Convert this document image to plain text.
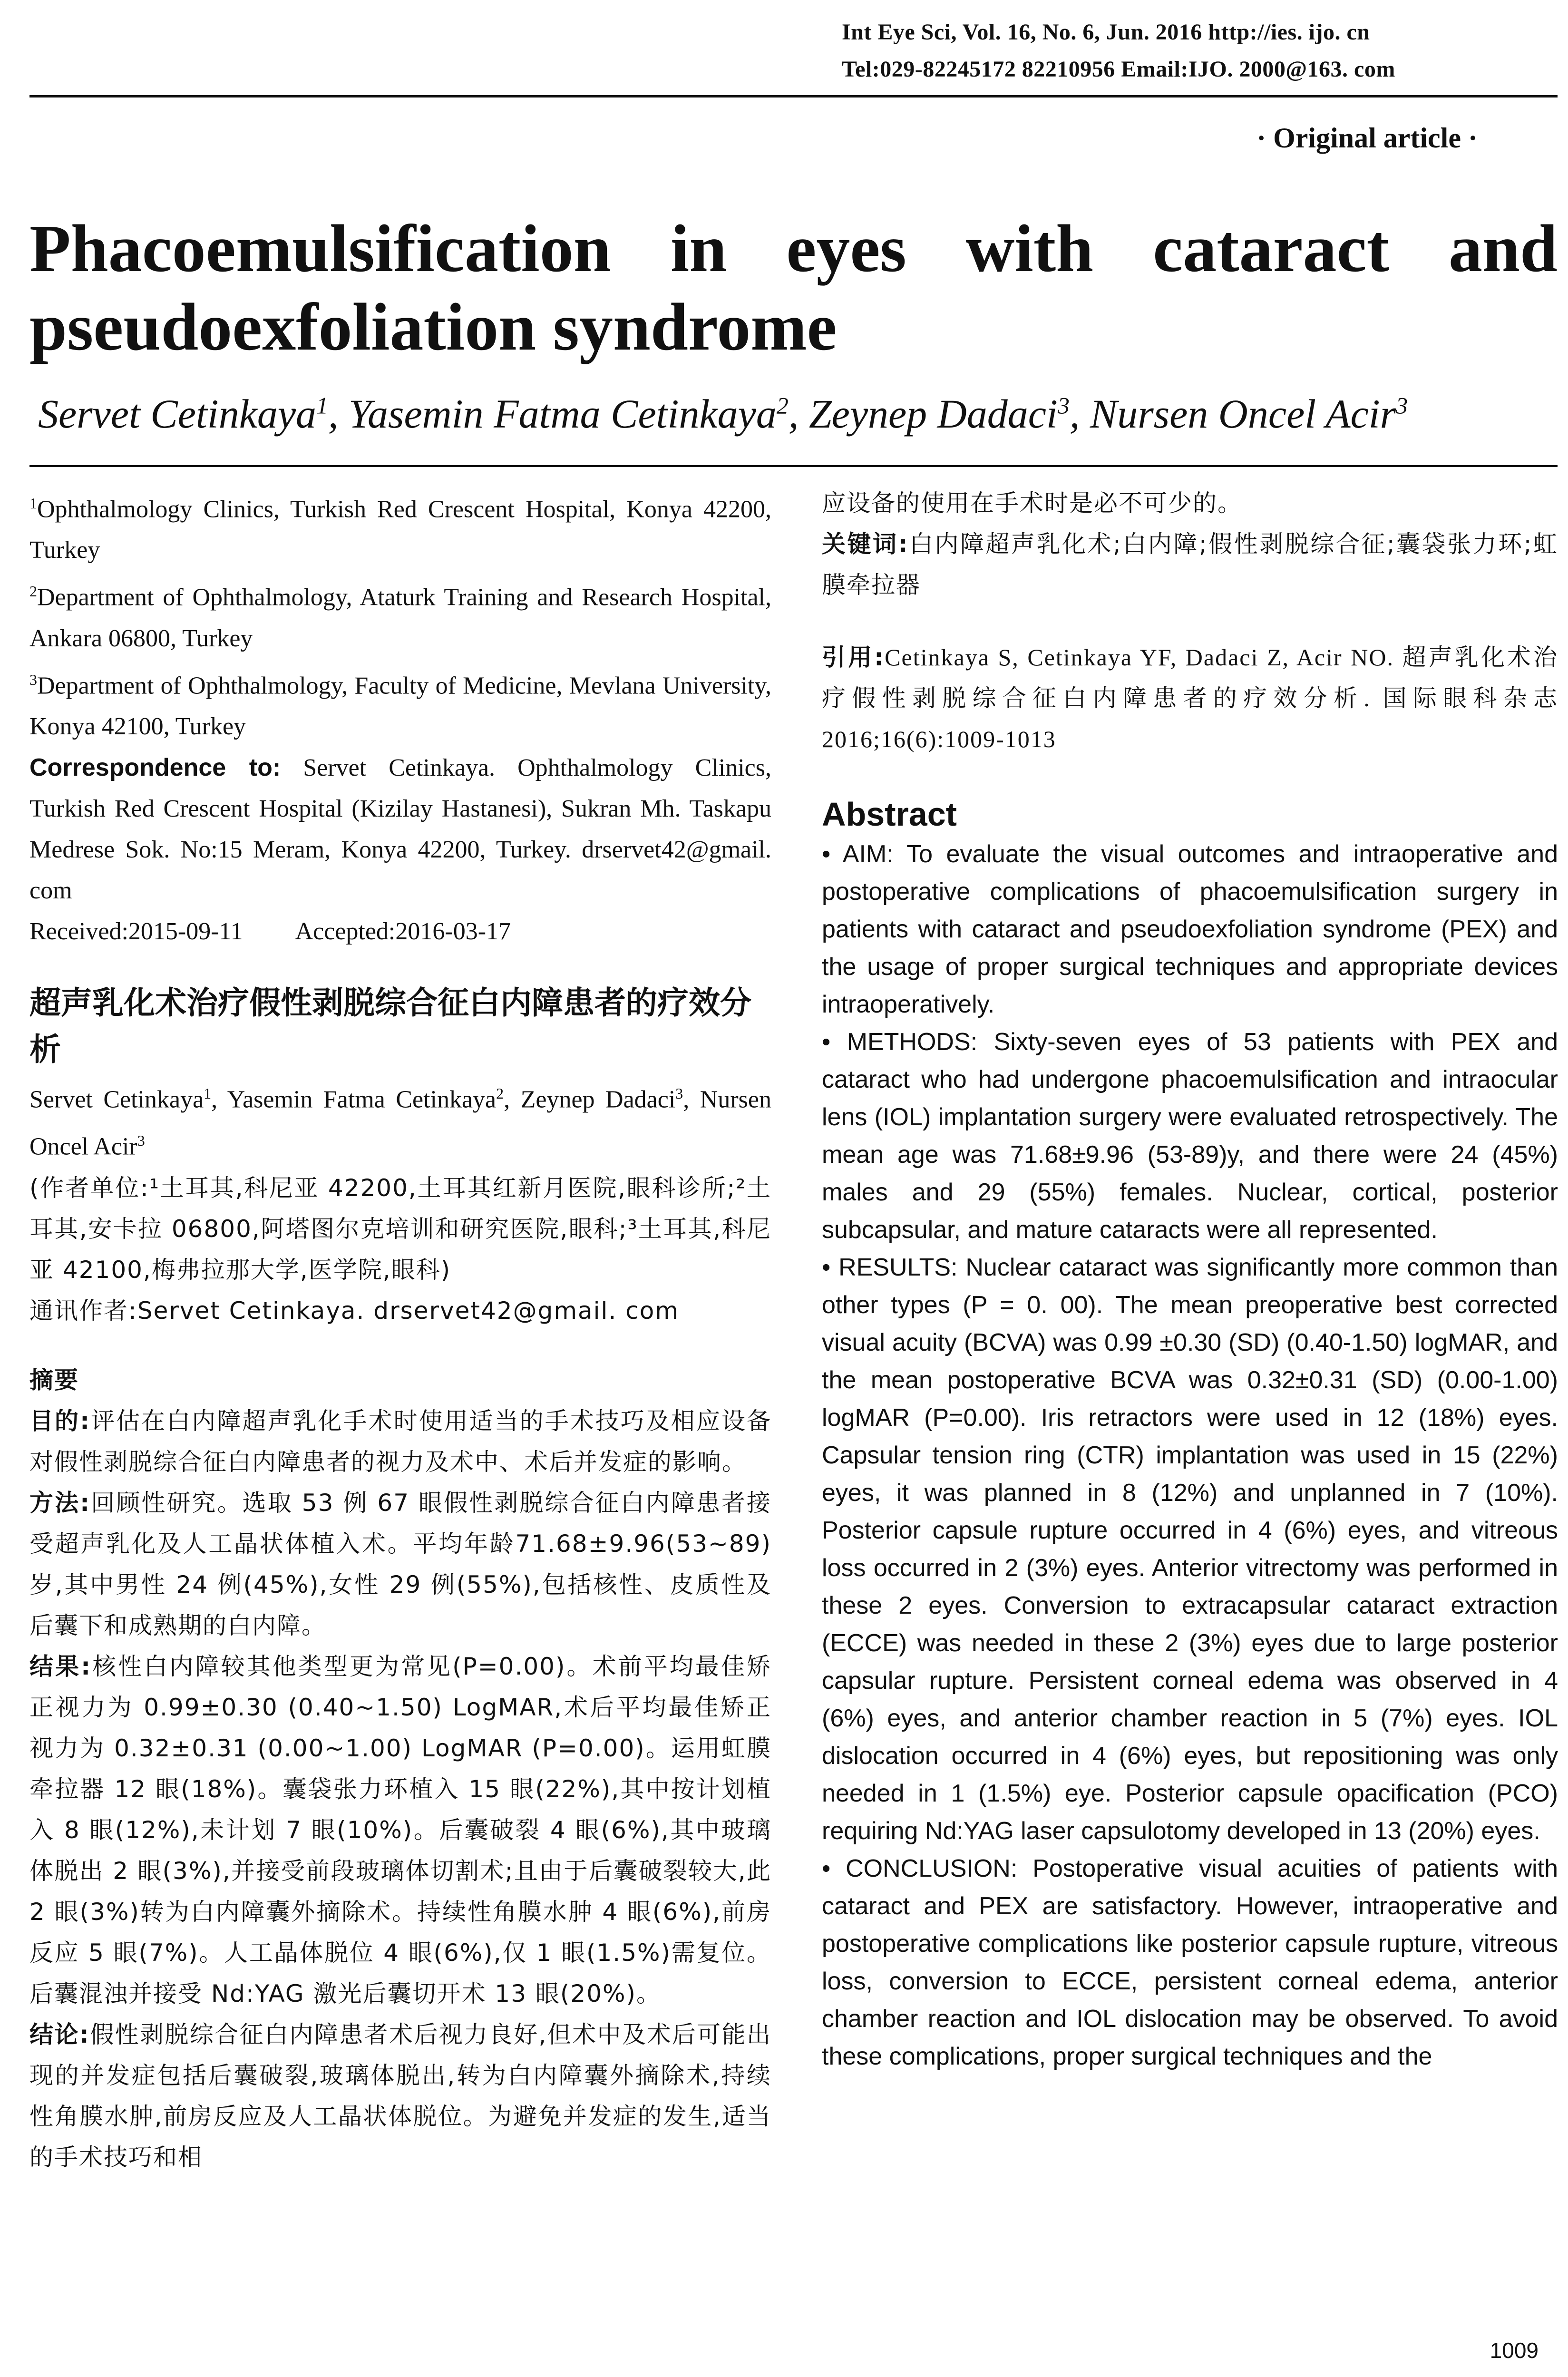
Int Eye Sci, Vol. 16, No. 6, Jun. 2016 http://ies. ijo. cn
Tel:029-82245172 82210956 Email:IJO. 2000@163. com
· Original article ·
Phacoemulsification in eyes with cataract and
pseudoexfoliation syndrome
Servet Cetinkaya$^1$, Yasemin Fatma Cetinkaya$^2$, Zeynep Dadaci$^3$, Nursen Oncel Acir$^3$

$^1$Ophthalmology Clinics, Turkish Red Crescent Hospital, Konya 42200, Turkey

$^2$Department of Ophthalmology, Ataturk Training and Research Hospital, Ankara 06800, Turkey

$^3$Department of Ophthalmology, Faculty of Medicine, Mevlana University, Konya 42100, Turkey

Correspondence to: Servet Cetinkaya. Ophthalmology Clinics, Turkish Red Crescent Hospital (Kizilay Hastanesi), Sukran Mh. Taskapu Medrese Sok. No:15 Meram, Konya 42200, Turkey. drservet42@gmail. com

Received:2015-09-11 Accepted:2016-03-17

超声乳化术治疗假性剥脱综合征白内障患者的疗效分析

Servet Cetinkaya$^1$, Yasemin Fatma Cetinkaya$^2$, Zeynep Dadaci$^3$, Nursen Oncel Acir$^3$

(作者单位:¹土耳其,科尼亚 42200,土耳其红新月医院,眼科诊所;²土耳其,安卡拉 06800,阿塔图尔克培训和研究医院,眼科;³土耳其,科尼亚 42100,梅弗拉那大学,医学院,眼科)

通讯作者:Servet Cetinkaya. drservet42@gmail. com

摘要

目的:评估在白内障超声乳化手术时使用适当的手术技巧及相应设备对假性剥脱综合征白内障患者的视力及术中、术后并发症的影响。

方法:回顾性研究。选取 53 例 67 眼假性剥脱综合征白内障患者接受超声乳化及人工晶状体植入术。平均年龄71.68±9.96(53~89)岁,其中男性 24 例(45%),女性 29 例(55%),包括核性、皮质性及后囊下和成熟期的白内障。

结果:核性白内障较其他类型更为常见(P=0.00)。术前平均最佳矫正视力为 0.99±0.30 (0.40~1.50) LogMAR,术后平均最佳矫正视力为 0.32±0.31 (0.00~1.00) LogMAR (P=0.00)。运用虹膜牵拉器 12 眼(18%)。囊袋张力环植入 15 眼(22%),其中按计划植入 8 眼(12%),未计划 7 眼(10%)。后囊破裂 4 眼(6%),其中玻璃体脱出 2 眼(3%),并接受前段玻璃体切割术;且由于后囊破裂较大,此 2 眼(3%)转为白内障囊外摘除术。持续性角膜水肿 4 眼(6%),前房反应 5 眼(7%)。人工晶体脱位 4 眼(6%),仅 1 眼(1.5%)需复位。后囊混浊并接受 Nd:YAG 激光后囊切开术 13 眼(20%)。

结论:假性剥脱综合征白内障患者术后视力良好,但术中及术后可能出现的并发症包括后囊破裂,玻璃体脱出,转为白内障囊外摘除术,持续性角膜水肿,前房反应及人工晶状体脱位。为避免并发症的发生,适当的手术技巧和相

应设备的使用在手术时是必不可少的。

关键词:白内障超声乳化术;白内障;假性剥脱综合征;囊袋张力环;虹膜牵拉器

引用:Cetinkaya S, Cetinkaya YF, Dadaci Z, Acir NO. 超声乳化术治疗假性剥脱综合征白内障患者的疗效分析. 国际眼科杂志 2016;16(6):1009-1013

Abstract

• AIM: To evaluate the visual outcomes and intraoperative and postoperative complications of phacoemulsification surgery in patients with cataract and pseudoexfoliation syndrome (PEX) and the usage of proper surgical techniques and appropriate devices intraoperatively.

• METHODS: Sixty-seven eyes of 53 patients with PEX and cataract who had undergone phacoemulsification and intraocular lens (IOL) implantation surgery were evaluated retrospectively. The mean age was 71.68±9.96 (53-89)y, and there were 24 (45%) males and 29 (55%) females. Nuclear, cortical, posterior subcapsular, and mature cataracts were all represented.

• RESULTS: Nuclear cataract was significantly more common than other types (P = 0. 00). The mean preoperative best corrected visual acuity (BCVA) was 0.99 ±0.30 (SD) (0.40-1.50) logMAR, and the mean postoperative BCVA was 0.32±0.31 (SD) (0.00-1.00) logMAR (P=0.00). Iris retractors were used in 12 (18%) eyes. Capsular tension ring (CTR) implantation was used in 15 (22%) eyes, it was planned in 8 (12%) and unplanned in 7 (10%). Posterior capsule rupture occurred in 4 (6%) eyes, and vitreous loss occurred in 2 (3%) eyes. Anterior vitrectomy was performed in these 2 eyes. Conversion to extracapsular cataract extraction (ECCE) was needed in these 2 (3%) eyes due to large posterior capsular rupture. Persistent corneal edema was observed in 4 (6%) eyes, and anterior chamber reaction in 5 (7%) eyes. IOL dislocation occurred in 4 (6%) eyes, but repositioning was only needed in 1 (1.5%) eye. Posterior capsule opacification (PCO) requiring Nd:YAG laser capsulotomy developed in 13 (20%) eyes.

• CONCLUSION: Postoperative visual acuities of patients with cataract and PEX are satisfactory. However, intraoperative and postoperative complications like posterior capsule rupture, vitreous loss, conversion to ECCE, persistent corneal edema, anterior chamber reaction and IOL dislocation may be observed. To avoid these complications, proper surgical techniques and the

1009
